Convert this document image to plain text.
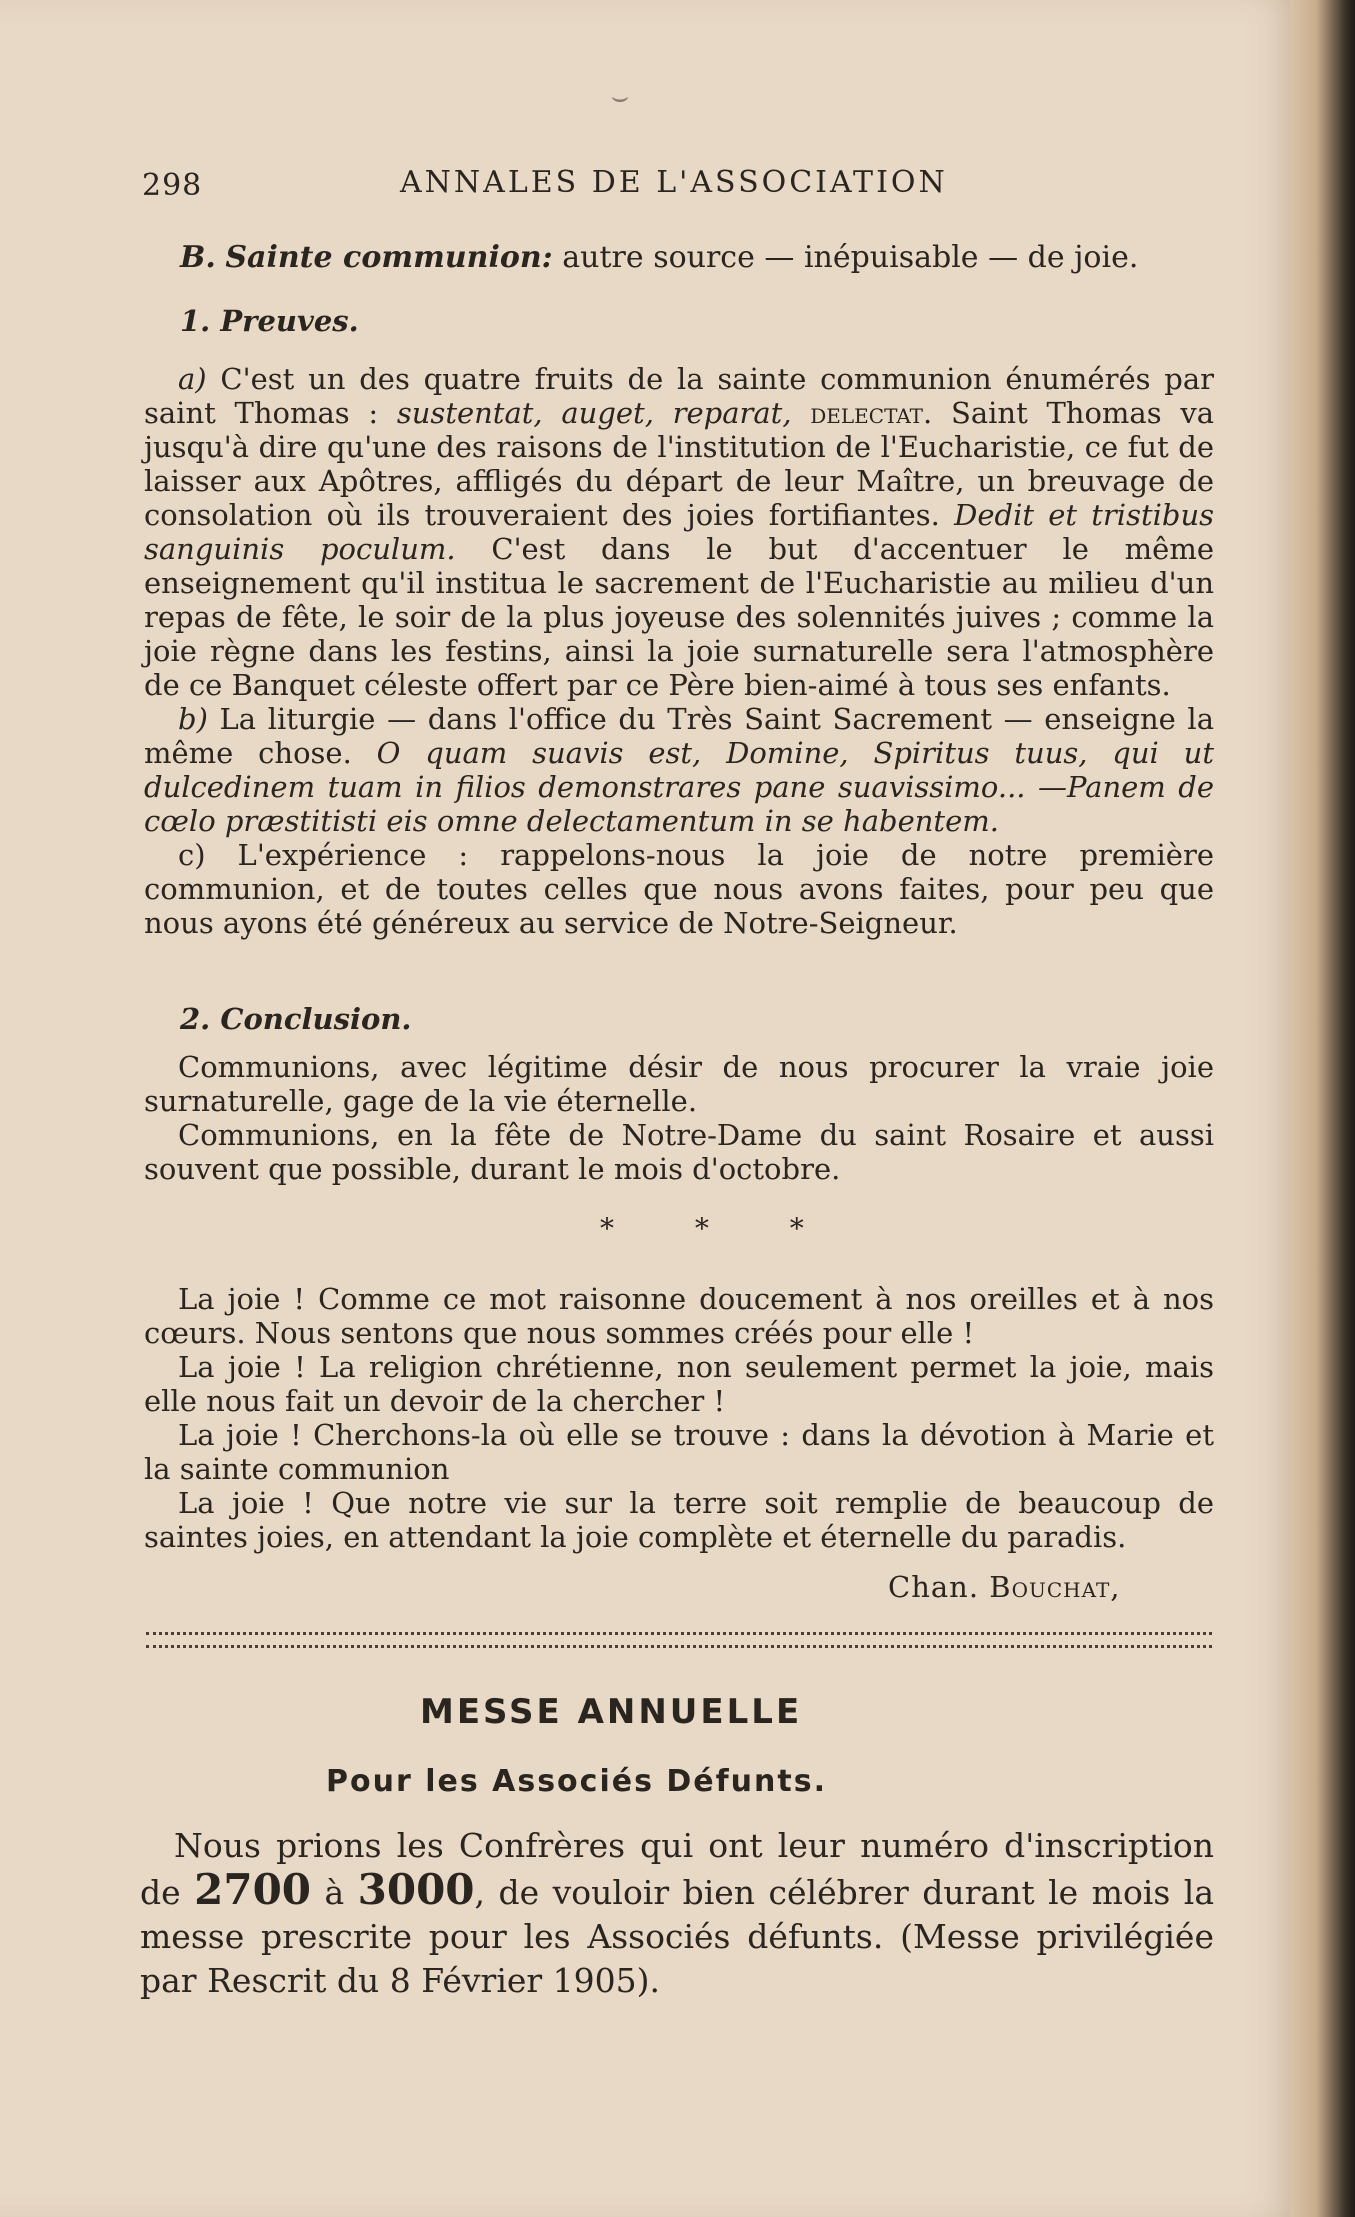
⌣
298	ANNALES DE L'ASSOCIATION
B. Sainte communion: autre source — inépuisable — de joie.
1. Preuves.

a) C'est un des quatre fruits de la sainte communion énumérés par saint Thomas : sustentat, auget, reparat, delectat. Saint Thomas va jusqu'à dire qu'une des raisons de l'institution de l'Eucharistie, ce fut de laisser aux Apôtres, affligés du départ de leur Maître, un breuvage de consolation où ils trouveraient des joies fortifiantes. Dedit et tristibus sanguinis poculum. C'est dans le but d'accentuer le même enseignement qu'il institua le sacrement de l'Eucharistie au milieu d'un repas de fête, le soir de la plus joyeuse des solennités juives ; comme la joie règne dans les festins, ainsi la joie surnaturelle sera l'atmosphère de ce Banquet céleste offert par ce Père bien-aimé à tous ses enfants.

b) La liturgie — dans l'office du Très Saint Sacrement — enseigne la même chose. O quam suavis est, Domine, Spiritus tuus, qui ut dulcedinem tuam in filios demonstrares pane suavissimo... —Panem de cœlo præstitisti eis omne delectamentum in se habentem.

c) L'expérience : rappelons-nous la joie de notre première communion, et de toutes celles que nous avons faites, pour peu que nous ayons été généreux au service de Notre-Seigneur.

2. Conclusion.

Communions, avec légitime désir de nous procurer la vraie joie surnaturelle, gage de la vie éternelle.

Communions, en la fête de Notre-Dame du saint Rosaire et aussi souvent que possible, durant le mois d'octobre.

* * *

La joie ! Comme ce mot raisonne doucement à nos oreilles et à nos cœurs. Nous sentons que nous sommes créés pour elle !

La joie ! La religion chrétienne, non seulement permet la joie, mais elle nous fait un devoir de la chercher !

La joie ! Cherchons-la où elle se trouve : dans la dévotion à Marie et la sainte communion

La joie ! Que notre vie sur la terre soit remplie de beaucoup de saintes joies, en attendant la joie complète et éternelle du paradis.

Chan. Bouchat,
MESSE ANNUELLE
Pour les Associés Défunts.

Nous prions les Confrères qui ont leur numéro d'inscription de 2700 à 3000, de vouloir bien célébrer durant le mois la messe prescrite pour les Associés défunts. (Messe privilégiée par Rescrit du 8 Février 1905).
